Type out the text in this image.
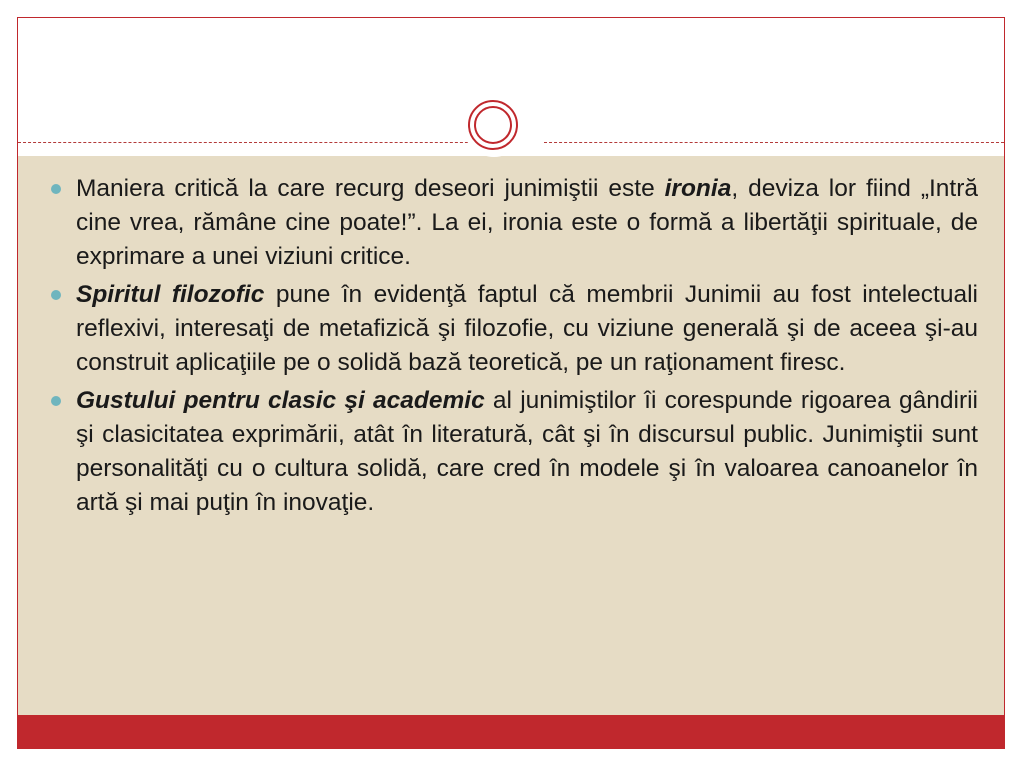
Maniera critică la care recurg deseori junimiştii este ironia, deviza lor fiind „Intră cine vrea, rămâne cine poate!”. La ei, ironia este o formă a libertăţii spirituale, de exprimare a unei viziuni critice.
Spiritul filozofic pune în evidenţă faptul că membrii Junimii au fost intelectuali reflexivi, interesaţi de metafizică şi filozofie, cu viziune generală şi de aceea şi-au construit aplicaţiile pe o solidă bază teoretică, pe un raţionament firesc.
Gustului pentru clasic şi academic al junimiştilor îi corespunde rigoarea gândirii şi clasicitatea exprimării, atât în literatură, cât şi în discursul public. Junimiştii sunt personalităţi cu o cultura solidă, care cred în modele şi în valoarea canoanelor în artă şi mai puţin în inovaţie.
